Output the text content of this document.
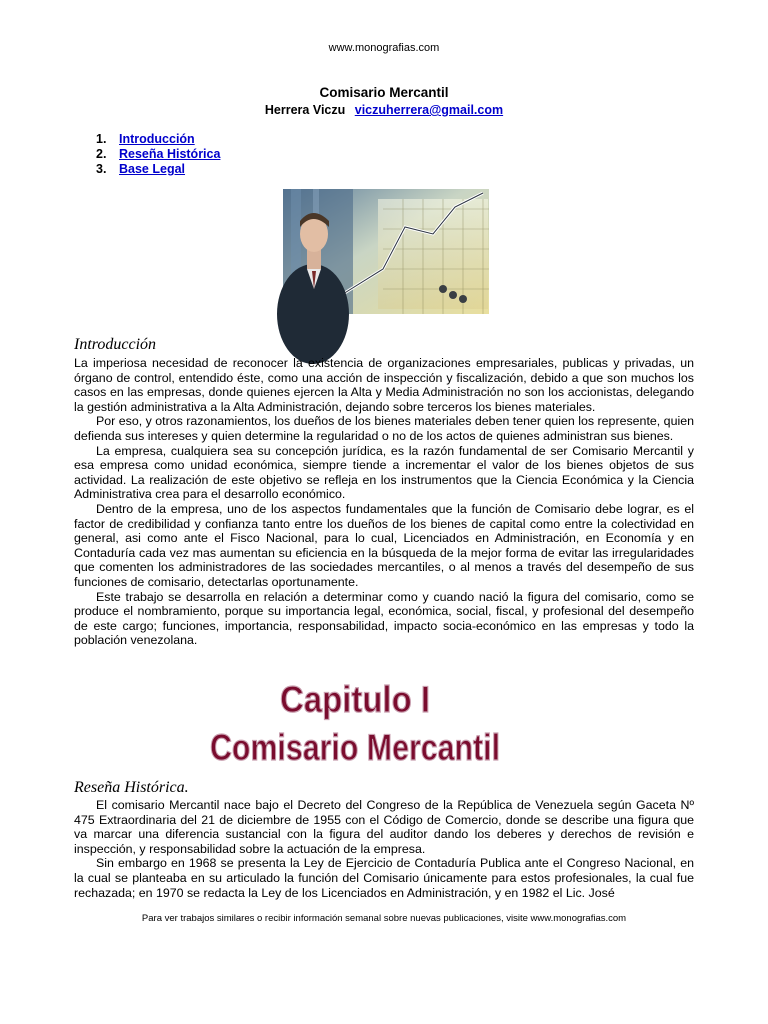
www.monografias.com
Comisario Mercantil
Herrera Viczu viczuherrera@gmail.com
1. Introducción
2. Reseña Histórica
3. Base Legal
Introducción

La imperiosa necesidad de reconocer la existencia de organizaciones empresariales, publicas y privadas, un órgano de control, entendido éste, como una acción de inspección y fiscalización, debido a que son muchos los casos en las empresas, donde quienes ejercen la Alta y Media Administración no son los accionistas, delegando la gestión administrativa a la Alta Administración, dejando sobre terceros los bienes materiales.

Por eso, y otros razonamientos, los dueños de los bienes materiales deben tener quien los represente, quien defienda sus intereses y quien determine la regularidad o no de los actos de quienes administran sus bienes.

La empresa, cualquiera sea su concepción jurídica, es la razón fundamental de ser Comisario Mercantil y esa empresa como unidad económica, siempre tiende a incrementar el valor de los bienes objetos de sus actividad. La realización de este objetivo se refleja en los instrumentos que la Ciencia Económica y la Ciencia Administrativa crea para el desarrollo económico.

Dentro de la empresa, uno de los aspectos fundamentales que la función de Comisario debe lograr, es el factor de credibilidad y confianza tanto entre los dueños de los bienes de capital como entre la colectividad en general, asi como ante el Fisco Nacional, para lo cual, Licenciados en Administración, en Economía y en Contaduría cada vez mas aumentan su eficiencia en la búsqueda de la mejor forma de evitar las irregularidades que comenten los administradores de las sociedades mercantiles, o al menos a través del desempeño de sus funciones de comisario, detectarlas oportunamente.

Este trabajo se desarrolla en relación a determinar como y cuando nació la figura del comisario, como se produce el nombramiento, porque su importancia legal, económica, social, fiscal, y profesional del desempeño de este cargo; funciones, importancia, responsabilidad, impacto socia-económico en las empresas y todo la población venezolana.

Capitulo I
Comisario Mercantil
Reseña Histórica.

El comisario Mercantil nace bajo el Decreto del Congreso de la República de Venezuela según Gaceta Nº 475 Extraordinaria del 21 de diciembre de 1955 con el Código de Comercio, donde se describe una figura que va marcar una diferencia sustancial con la figura del auditor dando los deberes y derechos de revisión e inspección, y responsabilidad sobre la actuación de la empresa.

Sin embargo en 1968 se presenta la Ley de Ejercicio de Contaduría Publica ante el Congreso Nacional, en la cual se planteaba en su articulado la función del Comisario únicamente para estos profesionales, la cual fue rechazada; en 1970 se redacta la Ley de los Licenciados en Administración, y en 1982 el Lic. José

Para ver trabajos similares o recibir información semanal sobre nuevas publicaciones, visite www.monografias.com
